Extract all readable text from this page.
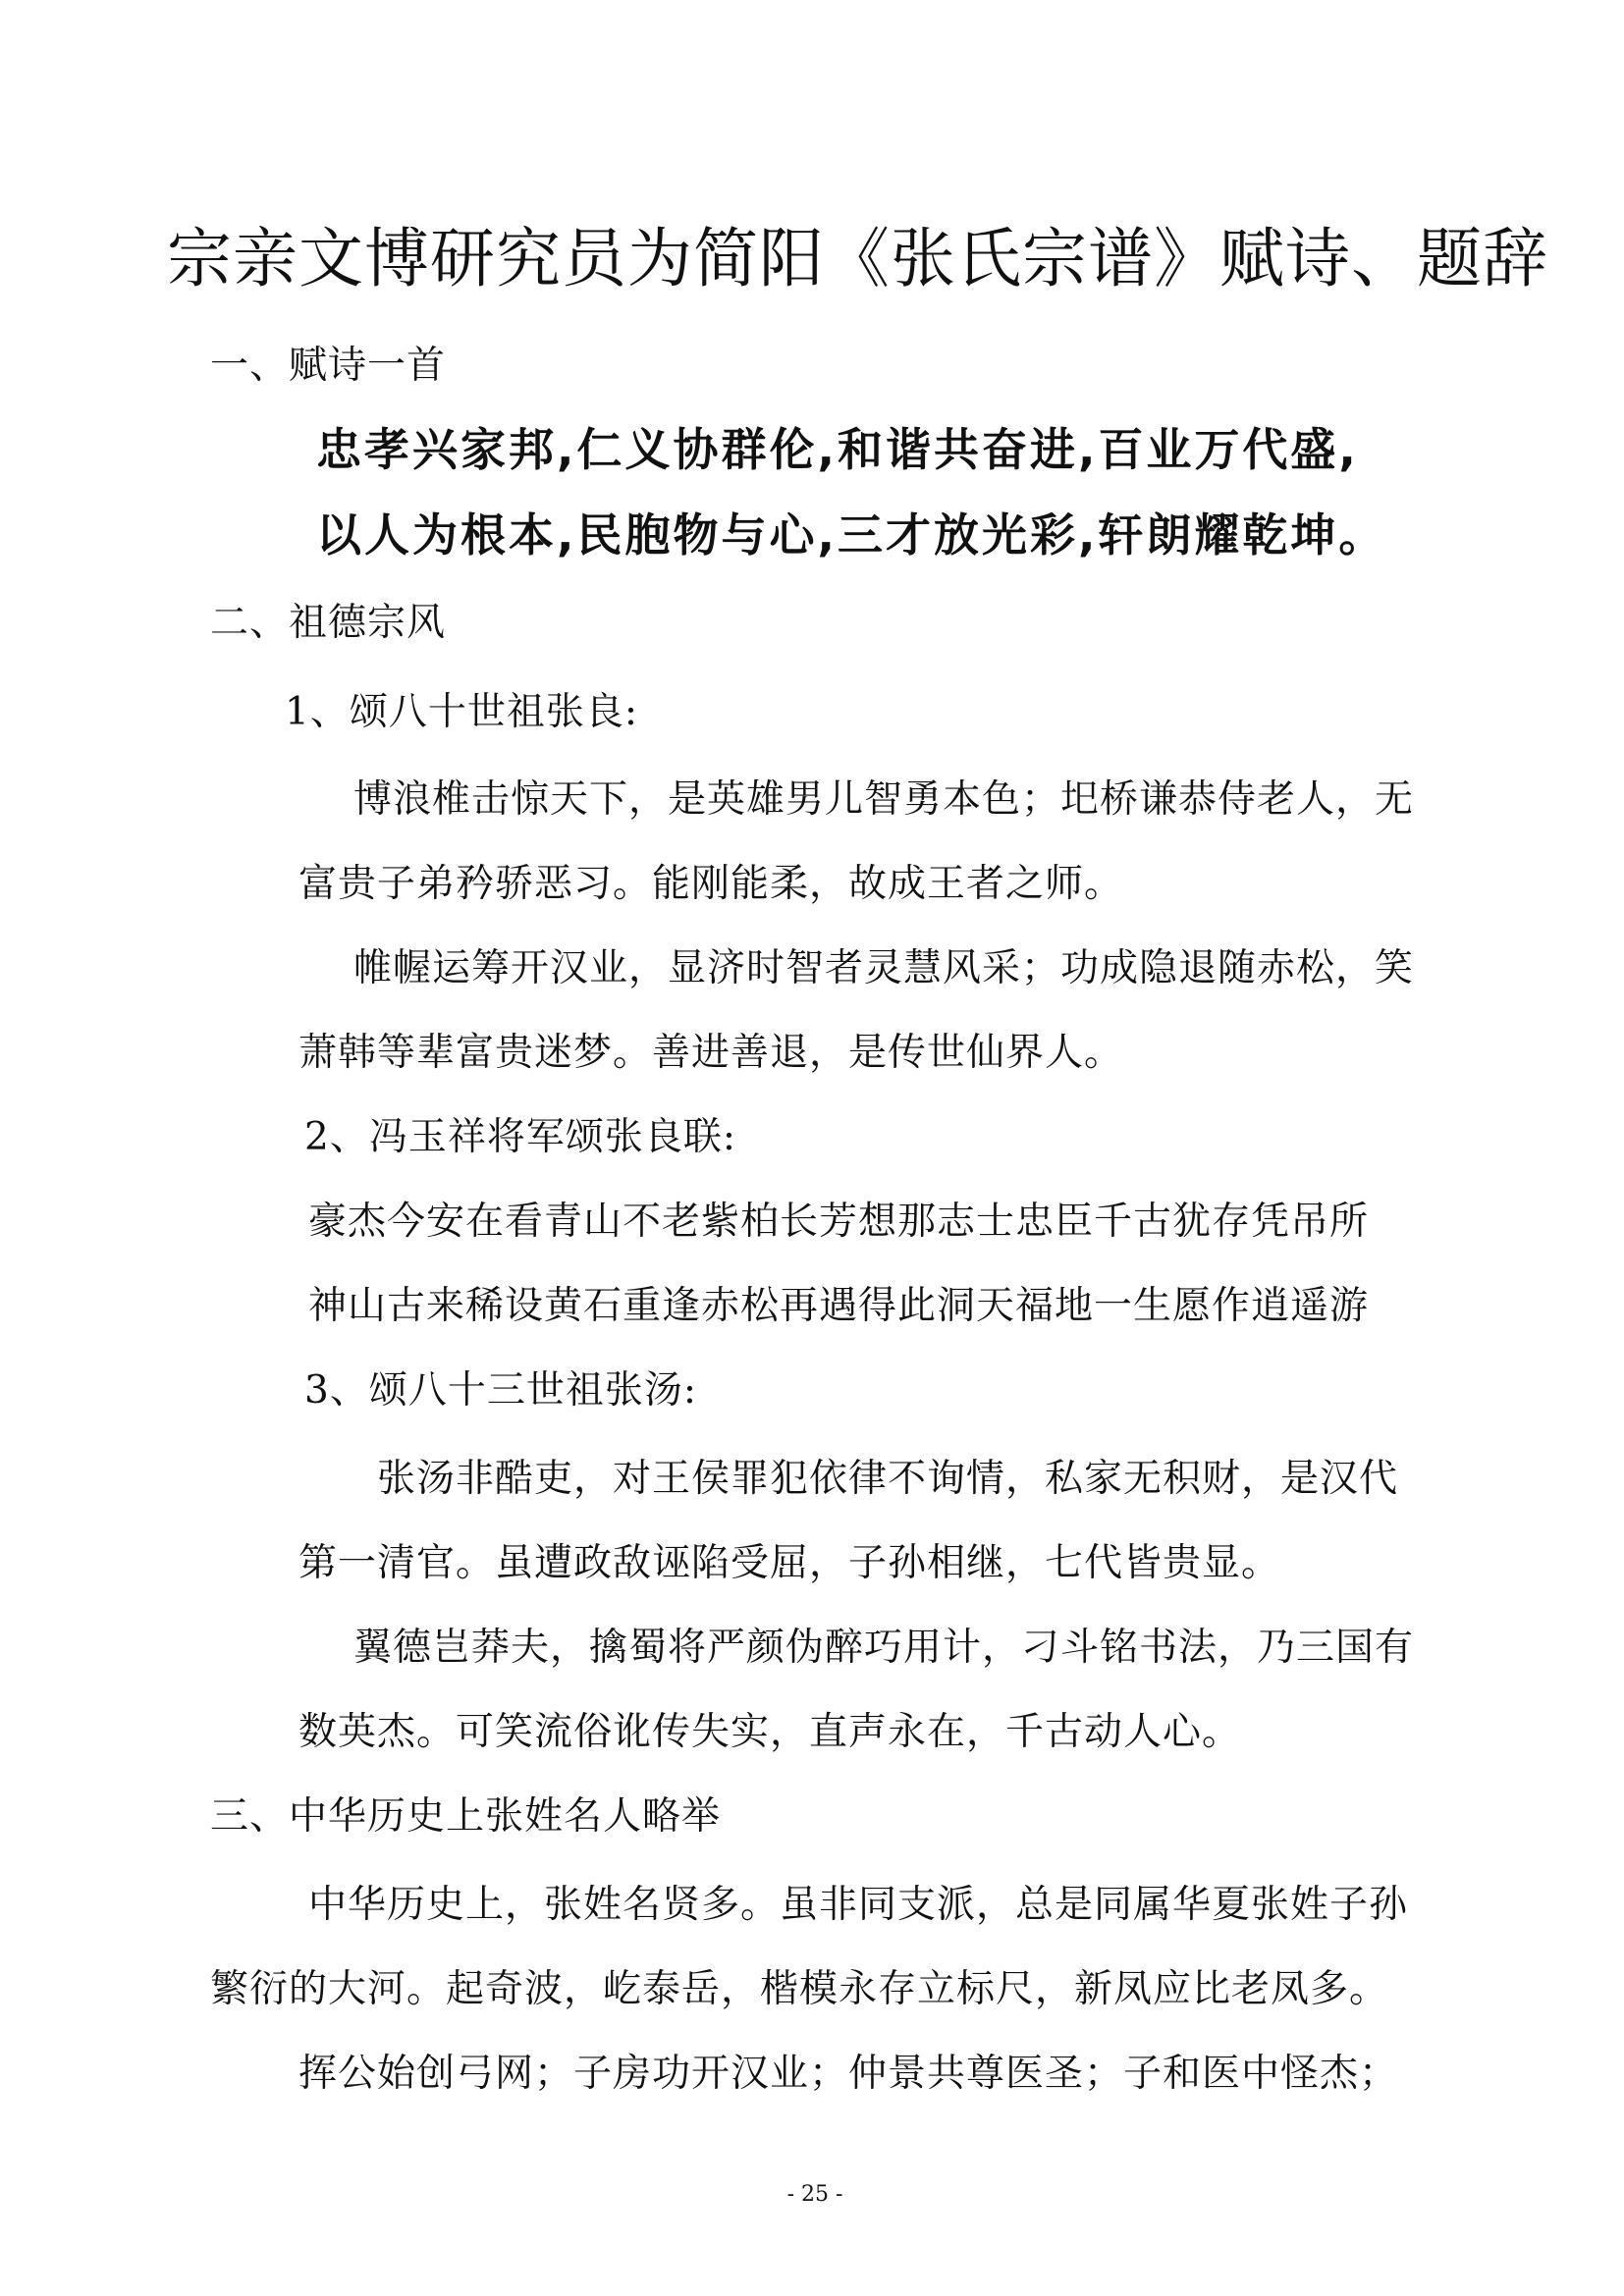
宗亲文博研究员为简阳《张氏宗谱》赋诗、题辞
一、赋诗一首
忠孝兴家邦,仁义协群伦,和谐共奋进,百业万代盛,
以人为根本,民胞物与心,三才放光彩,轩朗耀乾坤。
二、祖德宗风
1、颂八十世祖张良:
博浪椎击惊天下，是英雄男儿智勇本色；圯桥谦恭侍老人，无
富贵子弟矜骄恶习。能刚能柔，故成王者之师。
帷幄运筹开汉业，显济时智者灵慧风采；功成隐退随赤松，笑
萧韩等辈富贵迷梦。善进善退，是传世仙界人。
2、冯玉祥将军颂张良联:
豪杰今安在看青山不老紫柏长芳想那志士忠臣千古犹存凭吊所
神山古来稀设黄石重逢赤松再遇得此洞天福地一生愿作逍遥游
3、颂八十三世祖张汤:
张汤非酷吏，对王侯罪犯依律不询情，私家无积财，是汉代
第一清官。虽遭政敌诬陷受屈，子孙相继，七代皆贵显。
翼德岂莽夫，擒蜀将严颜伪醉巧用计，刁斗铭书法，乃三国有
数英杰。可笑流俗讹传失实，直声永在，千古动人心。
三、中华历史上张姓名人略举
中华历史上，张姓名贤多。虽非同支派，总是同属华夏张姓子孙
繁衍的大河。起奇波，屹泰岳，楷模永存立标尺，新凤应比老凤多。
挥公始创弓网；子房功开汉业；仲景共尊医圣；子和医中怪杰；
- 25 -
